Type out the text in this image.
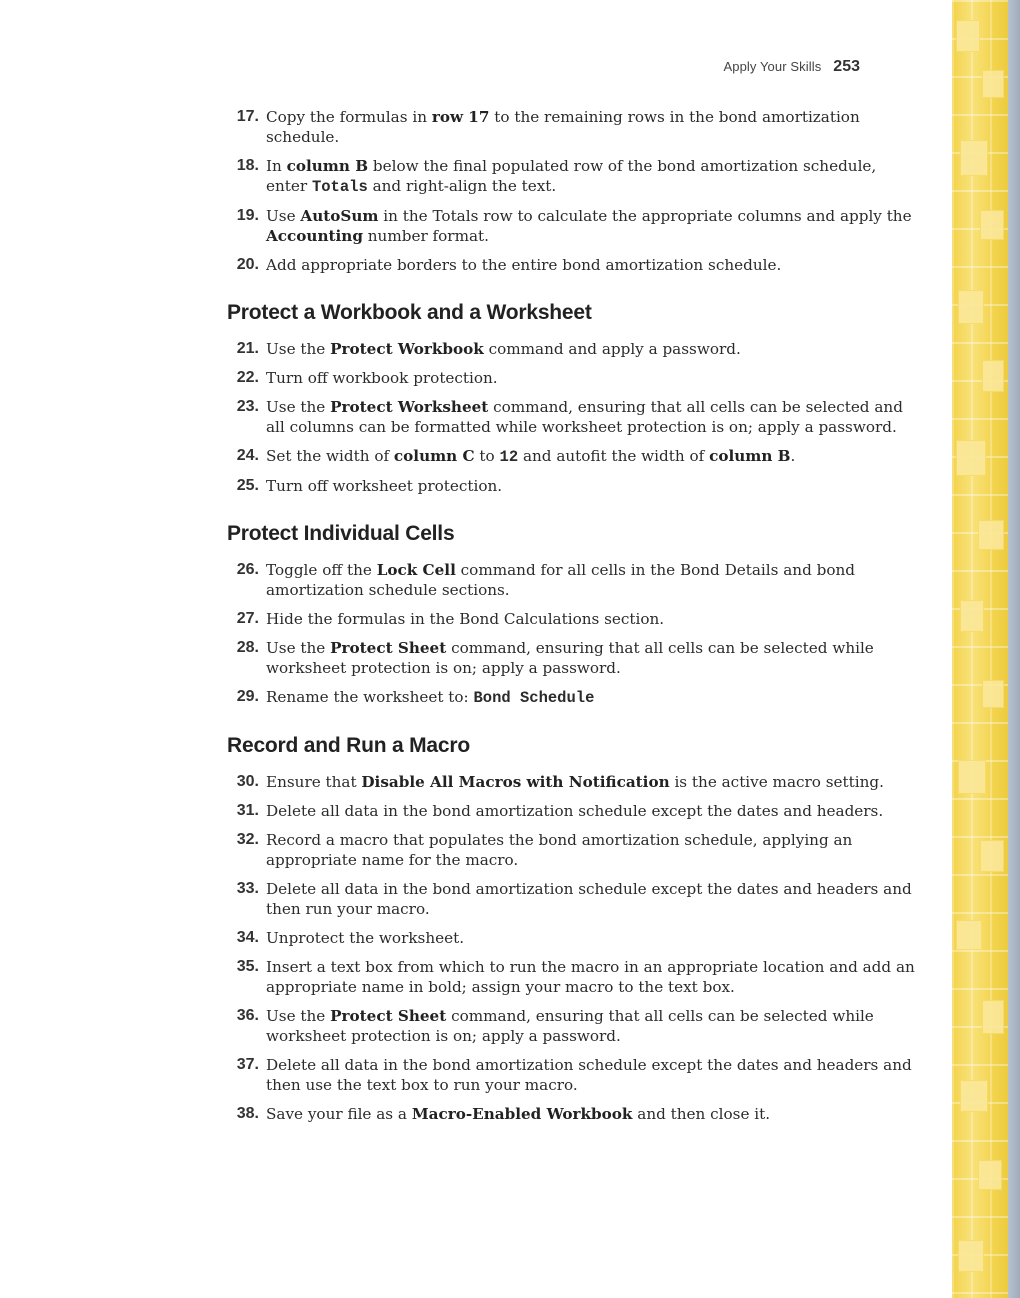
Apply Your Skills 253
17. Copy the formulas in row 17 to the remaining rows in the bond amortization schedule.
18. In column B below the final populated row of the bond amortization schedule, enter Totals and right-align the text.
19. Use AutoSum in the Totals row to calculate the appropriate columns and apply the Accounting number format.
20. Add appropriate borders to the entire bond amortization schedule.
Protect a Workbook and a Worksheet
21. Use the Protect Workbook command and apply a password.
22. Turn off workbook protection.
23. Use the Protect Worksheet command, ensuring that all cells can be selected and all columns can be formatted while worksheet protection is on; apply a password.
24. Set the width of column C to 12 and autofit the width of column B.
25. Turn off worksheet protection.
Protect Individual Cells
26. Toggle off the Lock Cell command for all cells in the Bond Details and bond amortization schedule sections.
27. Hide the formulas in the Bond Calculations section.
28. Use the Protect Sheet command, ensuring that all cells can be selected while worksheet protection is on; apply a password.
29. Rename the worksheet to: Bond Schedule
Record and Run a Macro
30. Ensure that Disable All Macros with Notification is the active macro setting.
31. Delete all data in the bond amortization schedule except the dates and headers.
32. Record a macro that populates the bond amortization schedule, applying an appropriate name for the macro.
33. Delete all data in the bond amortization schedule except the dates and headers and then run your macro.
34. Unprotect the worksheet.
35. Insert a text box from which to run the macro in an appropriate location and add an appropriate name in bold; assign your macro to the text box.
36. Use the Protect Sheet command, ensuring that all cells can be selected while worksheet protection is on; apply a password.
37. Delete all data in the bond amortization schedule except the dates and headers and then use the text box to run your macro.
38. Save your file as a Macro-Enabled Workbook and then close it.
